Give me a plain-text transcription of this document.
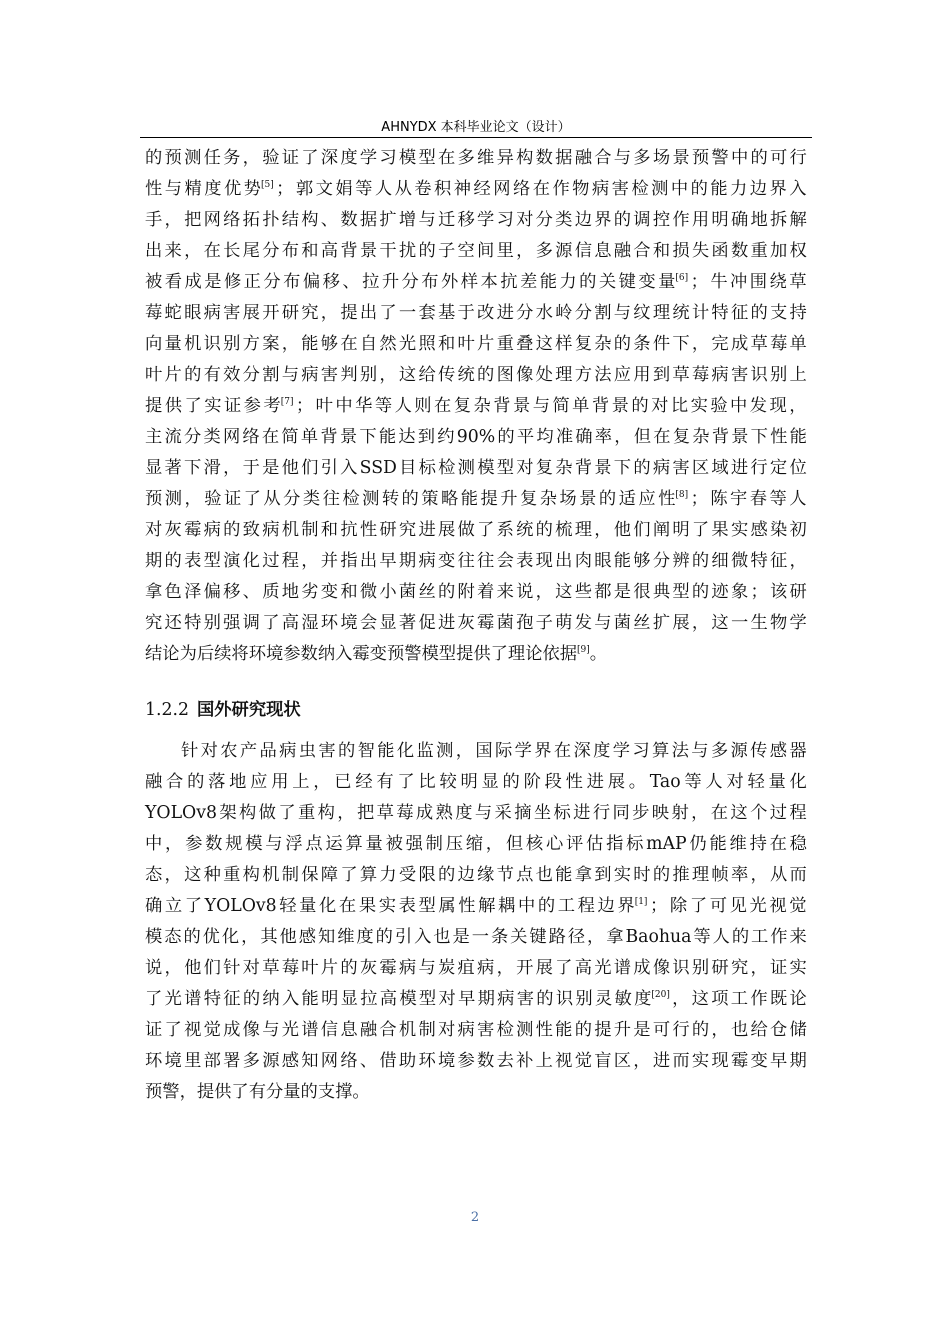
AHNYDX 本科毕业论文（设计）
的 预 测 任 务 ， 验 证 了 深 度 学 习 模 型 在 多 维 异 构 数 据 融 合 与 多 场 景 预 警 中 的 可 行
性 与 精 度 优 势[5] ； 郭 文 娟 等 人 从 卷 积 神 经 网 络 在 作 物 病 害 检 测 中 的 能 力 边 界 入
手 ， 把 网 络 拓 扑 结 构 、 数 据 扩 增 与 迁 移 学 习 对 分 类 边 界 的 调 控 作 用 明 确 地 拆 解
出 来 ， 在 长 尾 分 布 和 高 背 景 干 扰 的 子 空 间 里 ， 多 源 信 息 融 合 和 损 失 函 数 重 加 权
被 看 成 是 修 正 分 布 偏 移 、 拉 升 分 布 外 样 本 抗 差 能 力 的 关 键 变 量[6] ； 牛 冲 围 绕 草
莓 蛇 眼 病 害 展 开 研 究 ， 提 出 了 一 套 基 于 改 进 分 水 岭 分 割 与 纹 理 统 计 特 征 的 支 持
向 量 机 识 别 方 案 ， 能 够 在 自 然 光 照 和 叶 片 重 叠 这 样 复 杂 的 条 件 下 ， 完 成 草 莓 单
叶 片 的 有 效 分 割 与 病 害 判 别 ， 这 给 传 统 的 图 像 处 理 方 法 应 用 到 草 莓 病 害 识 别 上
提 供 了 实 证 参 考[7] ； 叶 中 华 等 人 则 在 复 杂 背 景 与 简 单 背 景 的 对 比 实 验 中 发 现 ，
主 流 分 类 网 络 在 简 单 背 景 下 能 达 到 约 90% 的 平 均 准 确 率 ， 但 在 复 杂 背 景 下 性 能
显 著 下 滑 ， 于 是 他 们 引 入 SSD 目 标 检 测 模 型 对 复 杂 背 景 下 的 病 害 区 域 进 行 定 位
预 测 ， 验 证 了 从 分 类 往 检 测 转 的 策 略 能 提 升 复 杂 场 景 的 适 应 性[8] ； 陈 宇 春 等 人
对 灰 霉 病 的 致 病 机 制 和 抗 性 研 究 进 展 做 了 系 统 的 梳 理 ， 他 们 阐 明 了 果 实 感 染 初
期 的 表 型 演 化 过 程 ， 并 指 出 早 期 病 变 往 往 会 表 现 出 肉 眼 能 够 分 辨 的 细 微 特 征 ，
拿 色 泽 偏 移 、 质 地 劣 变 和 微 小 菌 丝 的 附 着 来 说 ， 这 些 都 是 很 典 型 的 迹 象 ； 该 研
究 还 特 别 强 调 了 高 湿 环 境 会 显 著 促 进 灰 霉 菌 孢 子 萌 发 与 菌 丝 扩 展 ， 这 一 生 物 学
结论为后续将环境参数纳入霉变预警模型提供了理论依据[9]。
1.2.2 国外研究现状
针 对 农 产 品 病 虫 害 的 智 能 化 监 测 ， 国 际 学 界 在 深 度 学 习 算 法 与 多 源 传 感 器
融 合 的 落 地 应 用 上 ， 已 经 有 了 比 较 明 显 的 阶 段 性 进 展 。 Tao 等 人 对 轻 量 化
YOLOv8 架 构 做 了 重 构 ， 把 草 莓 成 熟 度 与 采 摘 坐 标 进 行 同 步 映 射 ， 在 这 个 过 程
中 ， 参 数 规 模 与 浮 点 运 算 量 被 强 制 压 缩 ， 但 核 心 评 估 指 标 mAP 仍 能 维 持 在 稳
态 ， 这 种 重 构 机 制 保 障 了 算 力 受 限 的 边 缘 节 点 也 能 拿 到 实 时 的 推 理 帧 率 ， 从 而
确 立 了 YOLOv8 轻 量 化 在 果 实 表 型 属 性 解 耦 中 的 工 程 边 界[1] ； 除 了 可 见 光 视 觉
模 态 的 优 化 ， 其 他 感 知 维 度 的 引 入 也 是 一 条 关 键 路 径 ， 拿 Baohua 等 人 的 工 作 来
说 ， 他 们 针 对 草 莓 叶 片 的 灰 霉 病 与 炭 疽 病 ， 开 展 了 高 光 谱 成 像 识 别 研 究 ， 证 实
了 光 谱 特 征 的 纳 入 能 明 显 拉 高 模 型 对 早 期 病 害 的 识 别 灵 敏 度[20] ， 这 项 工 作 既 论
证 了 视 觉 成 像 与 光 谱 信 息 融 合 机 制 对 病 害 检 测 性 能 的 提 升 是 可 行 的 ， 也 给 仓 储
环 境 里 部 署 多 源 感 知 网 络 、 借 助 环 境 参 数 去 补 上 视 觉 盲 区 ， 进 而 实 现 霉 变 早 期
预警，提供了有分量的支撑。
2
